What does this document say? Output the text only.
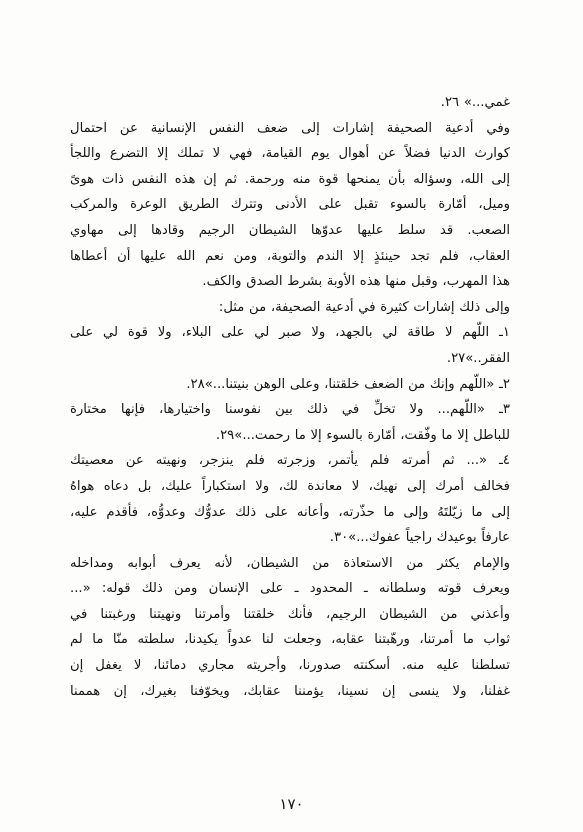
غمي...» ٢٦.
وفي أدعية الصحيفة إشارات إلى ضعف النفس الإنسانية عن احتمال
كوارث الدنيا فضلاً عن أهوال يوم القيامة، فهي لا تملك إلا التضرع واللجأ
إلى الله، وسؤاله بأن يمنحها قوة منه ورحمة. ثم إن هذه النفس ذات هوىً
وميل، أمّارة بالسوء تقبل على الأدنى وتترك الطريق الوعرة والمركب
الصعب. قد سلط عليها عدوّها الشيطان الرجيم وقادها إلى مهاوي
العقاب، فلم تجد حينئذٍ إلا الندم والتوبة، ومن نعم الله عليها أن أعطاها
هذا المهرب، وقبل منها هذه الأوبة بشرط الصدق والكف.
وإلى ذلك إشارات كثيرة في أدعية الصحيفة، من مثل:
١ـ اللّهم لا طاقة لي بالجهد، ولا صبر لي على البلاء، ولا قوة لي على
الفقر..»٢٧.
٢ـ «اللّهم وإنك من الضعف خلقتنا، وعلى الوهن بنيتنا...»٢٨.
٣ـ «اللّهم... ولا تخلِّ في ذلك بين نفوسنا واختيارها، فإنها مختارة
للباطل إلا ما وفّقت، أمّارة بالسوء إلا ما رحمت...»٢٩.
٤ـ «... ثم أمرته فلم يأتمر، وزجرته فلم ينزجر، ونهيته عن معصيتك
فخالف أمرك إلى نهيك، لا معاندة لك، ولا استكباراً عليك، بل دعاه هواهُ
إلى ما زيّلتَهُ وإلى ما حذّرته، وأعانه على ذلك عدوُّك وعدوُّه، فأقدم عليه،
عارفاً بوعيدك راجياً عفوك...»٣٠.
والإمام يكثر من الاستعاذة من الشيطان، لأنه يعرف أبوابه ومداخله
ويعرف قوته وسلطانه ـ المحدود ـ على الإنسان ومن ذلك قوله: «...
وأعذني من الشيطان الرجيم، فأنك خلقتنا وأمرتنا ونهيتنا ورغبتنا في
ثواب ما أمرتنا، ورهّبتنا عقابه، وجعلت لنا عدواً يكيدنا، سلطته منّا ما لم
تسلطنا عليه منه. أسكنته صدورنا، وأجريته مجاري دمائنا، لا يغفل إن
غفلنا، ولا ينسى إن نسينا، يؤمننا عقابك، ويخوّفنا بغيرك، إن هممنا
١٧٠
